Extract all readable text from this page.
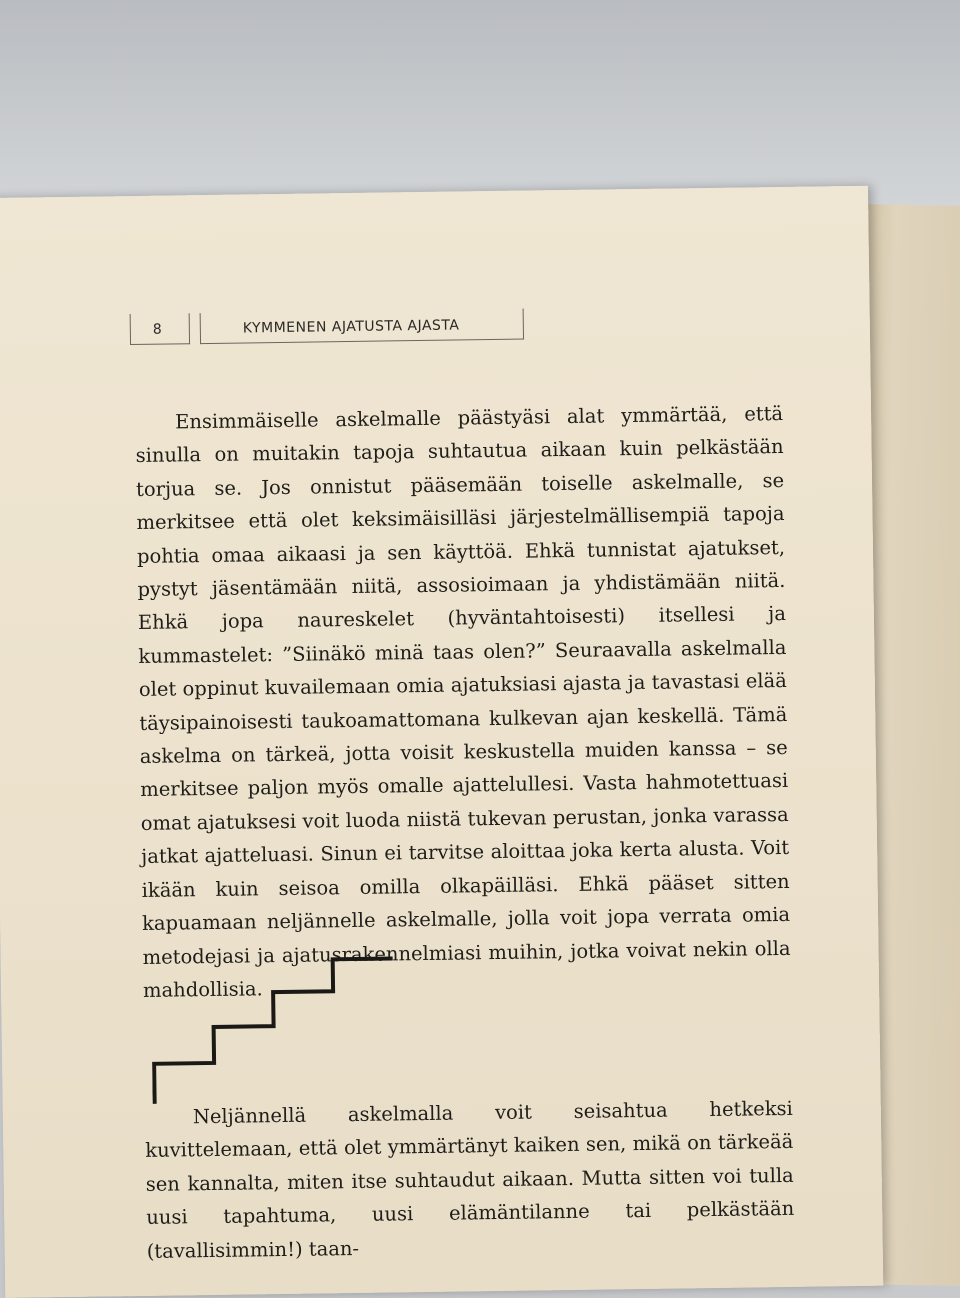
8	KYMMENEN AJATUSTA AJASTA

Ensimmäiselle askelmalle päästyäsi alat ymmärtää, että sinulla on muitakin tapoja suhtautua aikaan kuin pelkästään torjua se. Jos onnistut pääsemään toiselle askelmalle, se merkitsee että olet keksimäisilläsi järjestelmällisempiä tapoja pohtia omaa aikaasi ja sen käyttöä. Ehkä tunnistat ajatukset, pystyt jäsentämään niitä, assosioimaan ja yhdistämään niitä. Ehkä jopa naureskelet (hyväntahtoisesti) itsellesi ja kummastelet: ”Siinäkö minä taas olen?” Seuraavalla askelmalla olet oppinut kuvailemaan omia ajatuksiasi ajasta ja tavastasi elää täysipainoisesti taukoamattomana kulkevan ajan keskellä. Tämä askelma on tärkeä, jotta voisit keskustella muiden kanssa – se merkitsee paljon myös omalle ajattelullesi. Vasta hahmotettuasi omat ajatuksesi voit luoda niistä tukevan perustan, jonka varassa jatkat ajatteluasi. Sinun ei tarvitse aloittaa joka kerta alusta. Voit ikään kuin seisoa omilla olkapäilläsi. Ehkä pääset sitten kapuamaan neljännelle askelmalle, jolla voit jopa verrata omia metodejasi ja ajatusrakennelmiasi muihin, jotka voivat nekin olla mahdollisia.

Neljännellä askelmalla voit seisahtua hetkeksi kuvittelemaan, että olet ymmärtänyt kaiken sen, mikä on tärkeää sen kannalta, miten itse suhtaudut aikaan. Mutta sitten voi tulla uusi tapahtuma, uusi elämäntilanne tai pelkästään (tavallisimmin!) taan-
